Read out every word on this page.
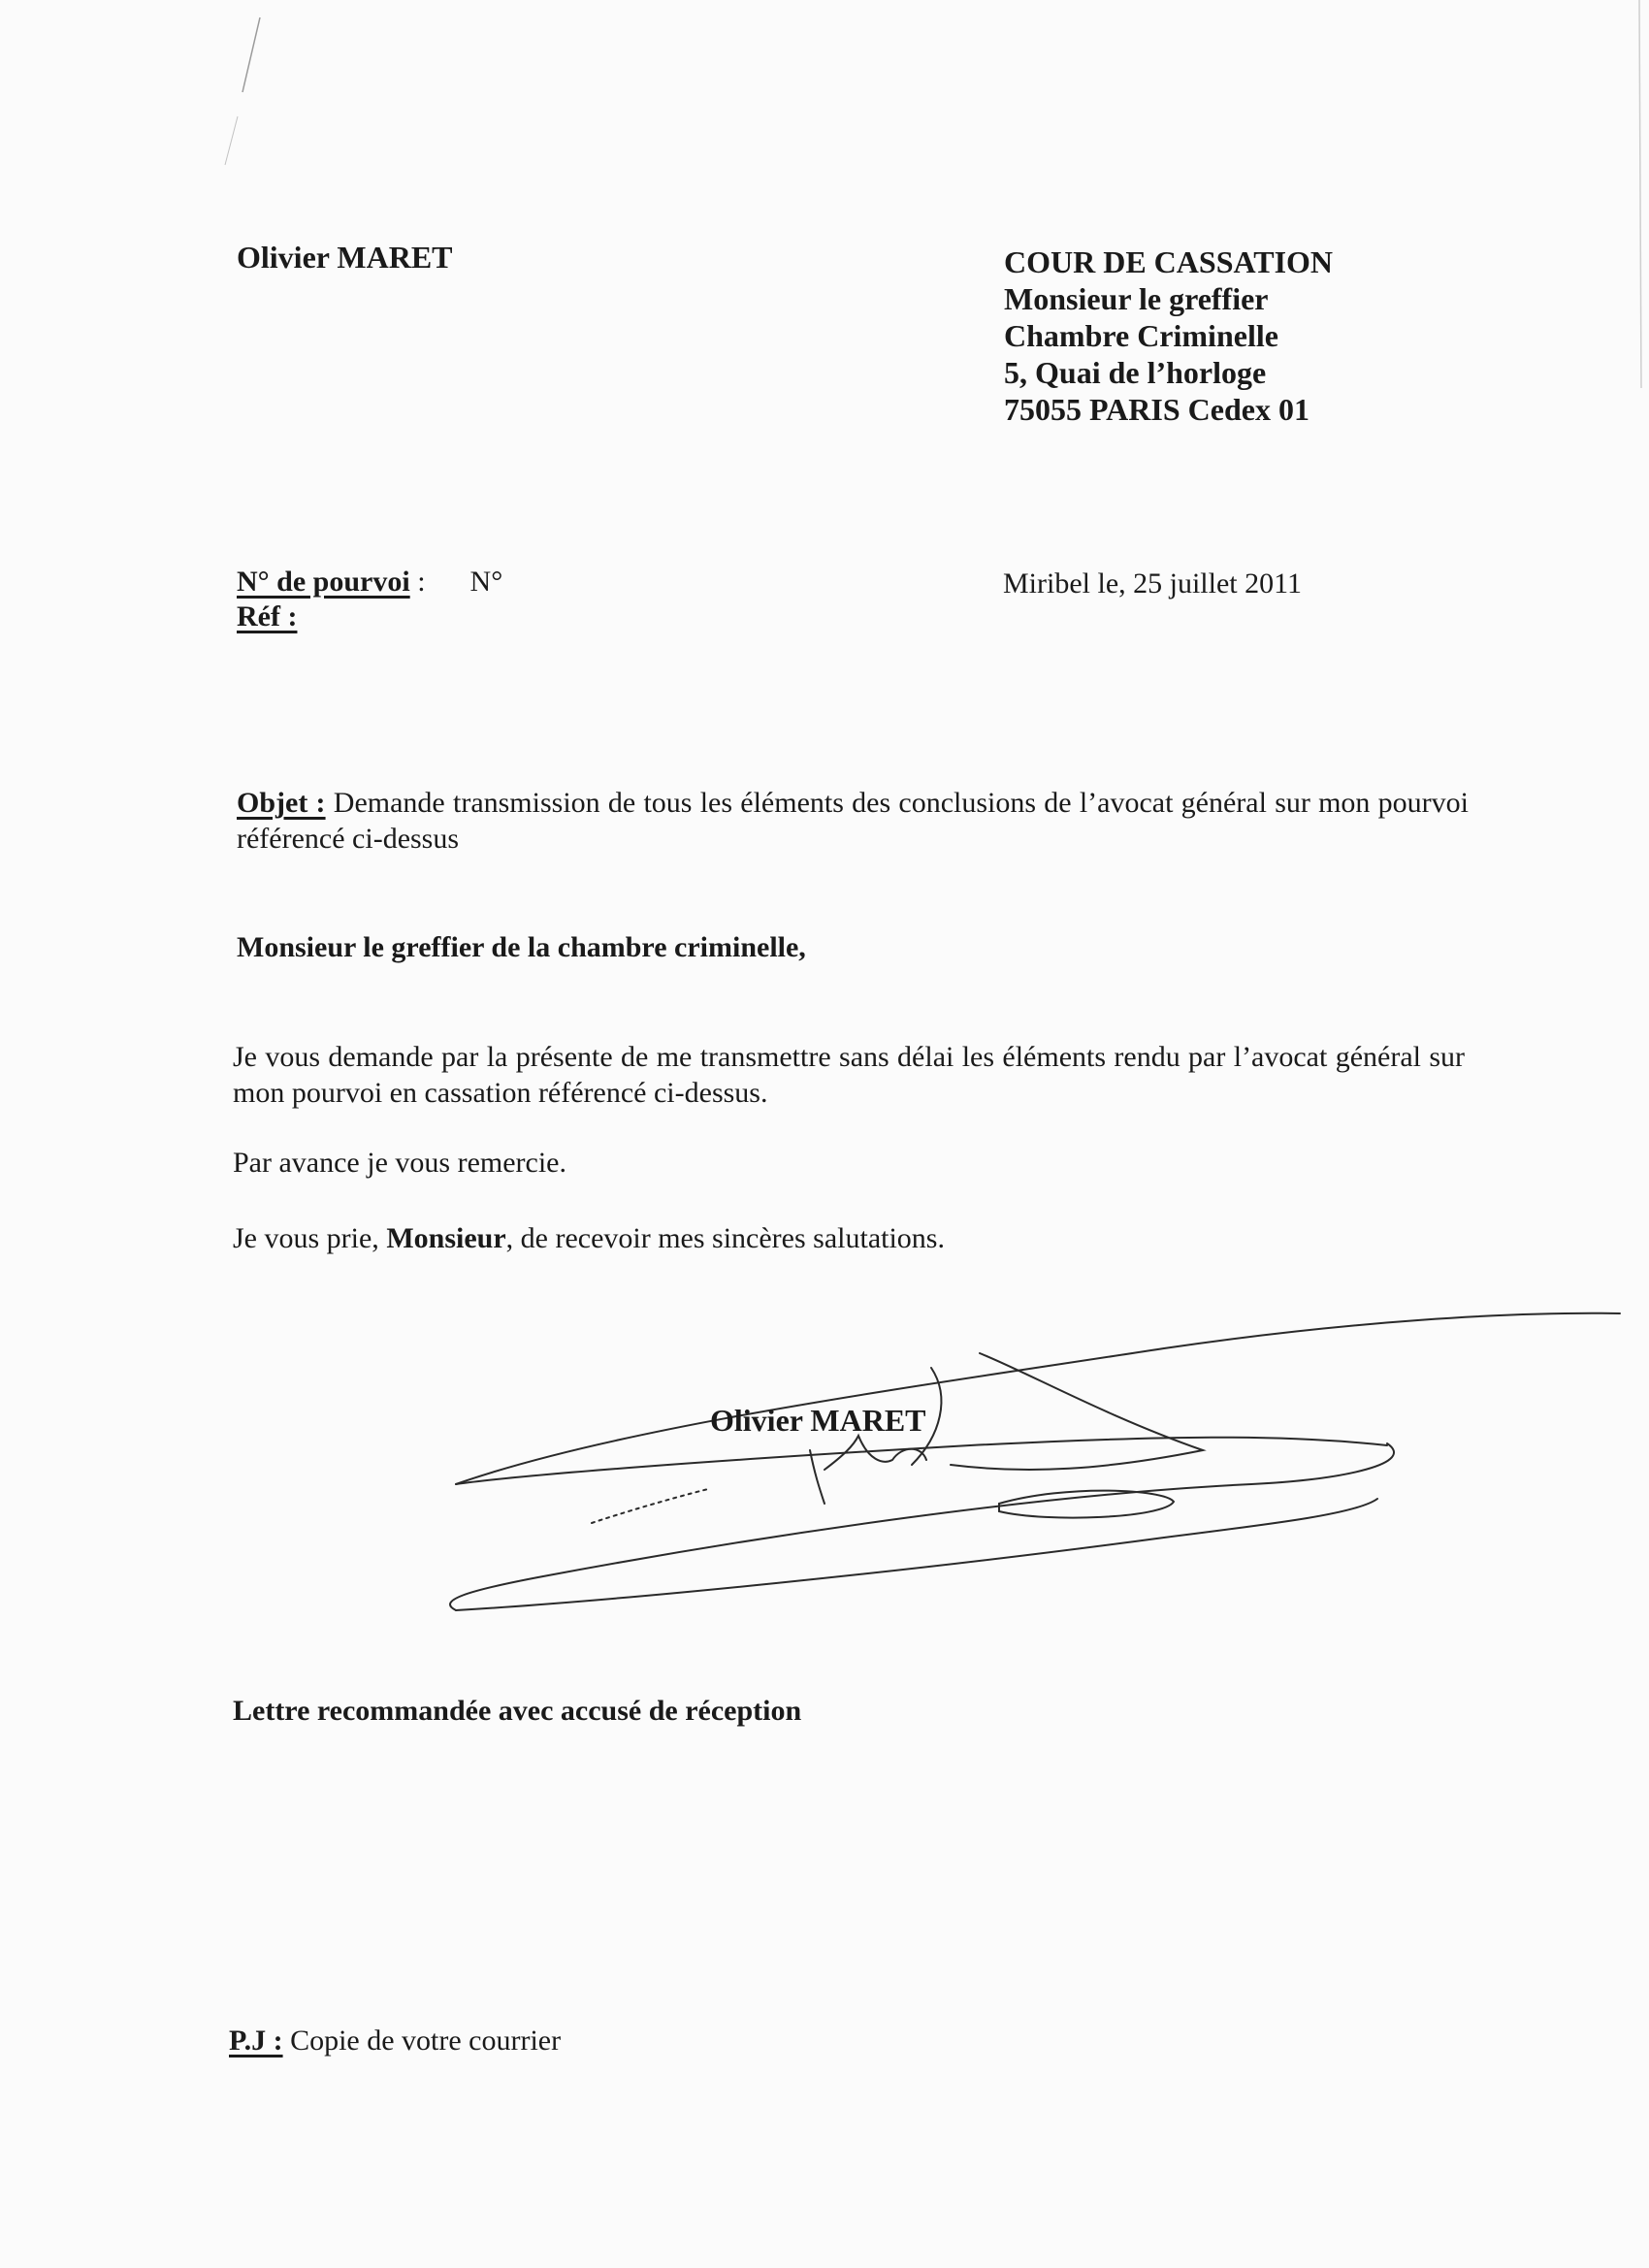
Olivier MARET	COUR DE CASSATION
Monsieur le greffier
Chambre Criminelle
5, Quai de l’horloge
75055 PARIS Cedex 01
N° de pourvoi : N°
Réf :
Miribel le, 25 juillet 2011
Objet : Demande transmission de tous les éléments des conclusions de l’avocat général sur mon pourvoi référencé ci-dessus
Monsieur le greffier de la chambre criminelle,
Je vous demande par la présente de me transmettre sans délai les éléments rendu par l’avocat général sur mon pourvoi en cassation référencé ci-dessus.
Par avance je vous remercie.
Je vous prie, Monsieur, de recevoir mes sincères salutations.
Olivier MARET
Lettre recommandée avec accusé de réception
P.J : Copie de votre courrier
